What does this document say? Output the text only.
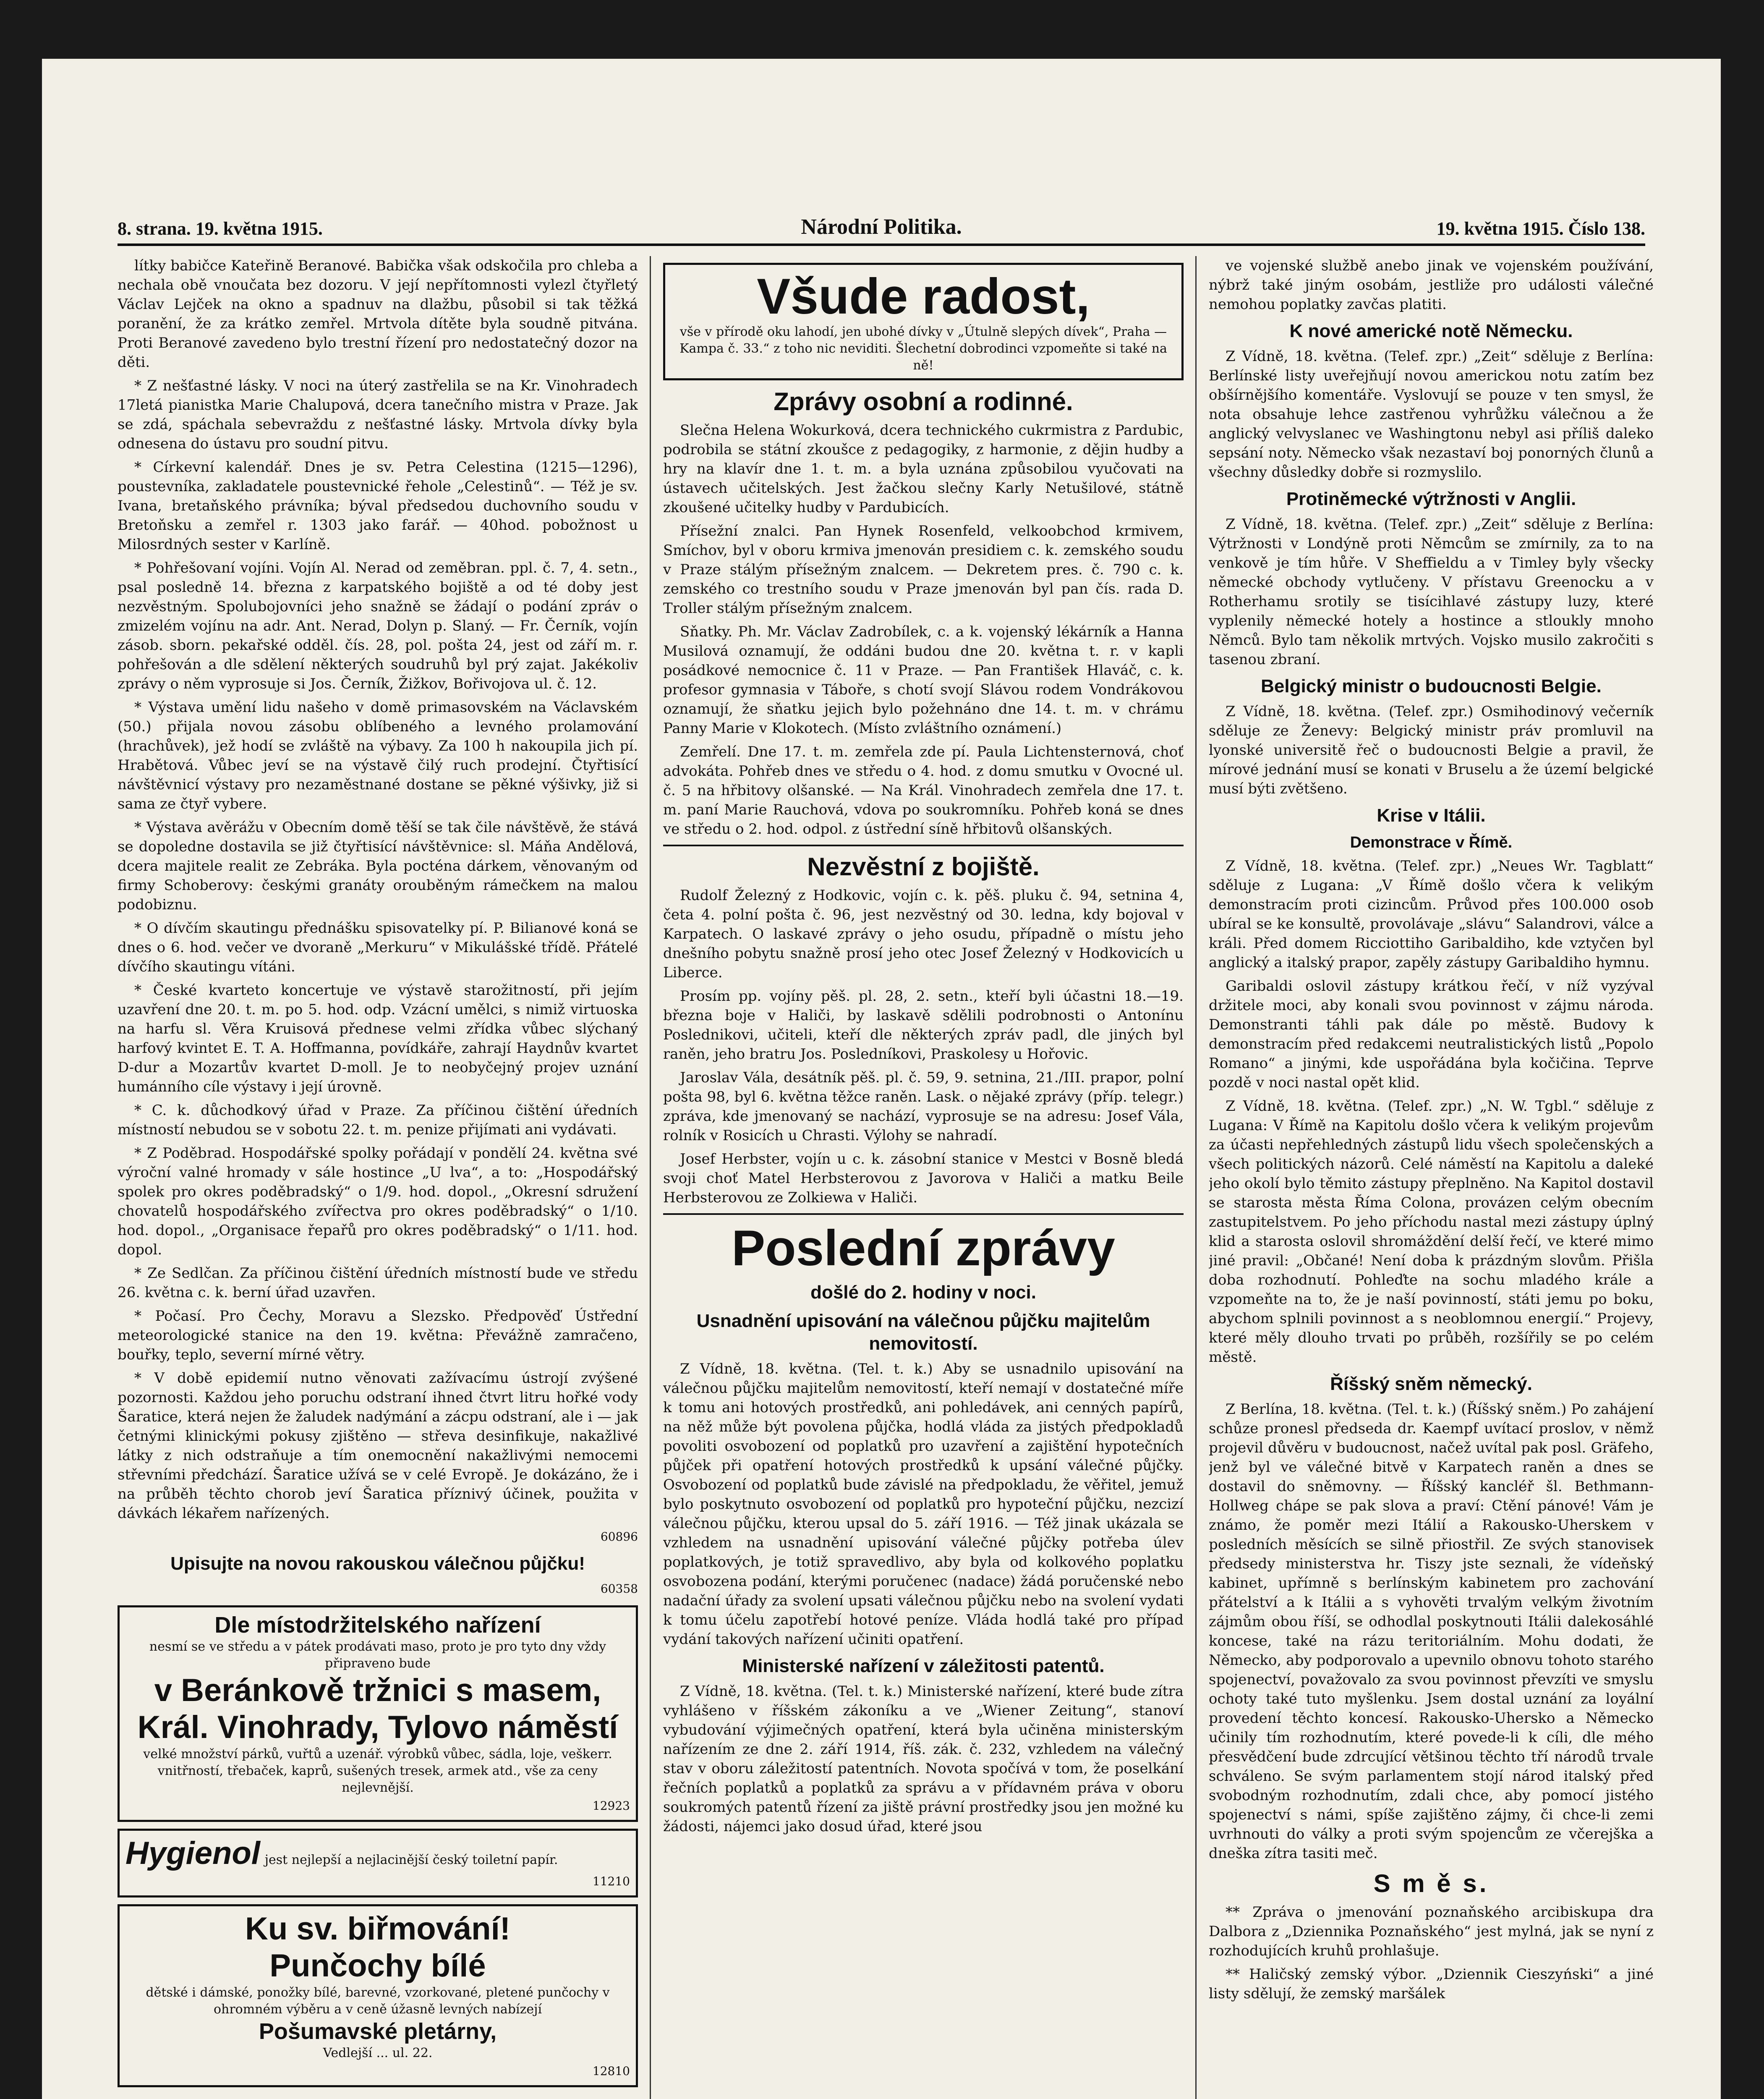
8. strana. 19. května 1915.	Národní Politika.	19. května 1915. Číslo 138.

lítky babičce Kateřině Beranové. Babička však odskočila pro chleba a nechala obě vnoučata bez dozoru. V její nepřítomnosti vylezl čtyřletý Václav Lejček na okno a spadnuv na dlažbu, působil si tak těžká poranění, že za krátko zemřel. Mrtvola dítěte byla soudně pitvána. Proti Beranové zavedeno bylo trestní řízení pro nedostatečný dozor na děti.

* Z nešťastné lásky. V noci na úterý zastřelila se na Kr. Vinohradech 17letá pianistka Marie Chalupová, dcera tanečního mistra v Praze. Jak se zdá, spáchala sebevraždu z nešťastné lásky. Mrtvola dívky byla odnesena do ústavu pro soudní pitvu.

* Církevní kalendář. Dnes je sv. Petra Celestina (1215—1296), poustevníka, zakladatele poustevnické řehole „Celestinů“. — Též je sv. Ivana, bretaňského právníka; býval předsedou duchovního soudu v Bretoňsku a zemřel r. 1303 jako farář. — 40hod. pobožnost u Milosrdných sester v Karlíně.

* Pohřešovaní vojíni. Vojín Al. Nerad od zeměbran. ppl. č. 7, 4. setn., psal posledně 14. března z karpatského bojiště a od té doby jest nezvěstným. Spolubojovníci jeho snažně se žádají o podání zpráv o zmizelém vojínu na adr. Ant. Nerad, Dolyn p. Slaný. — Fr. Černík, vojín zásob. sborn. pekařské odděl. čís. 28, pol. pošta 24, jest od září m. r. pohřešován a dle sdělení některých soudruhů byl prý zajat. Jakékoliv zprávy o něm vyprosuje si Jos. Černík, Žižkov, Bořivojova ul. č. 12.

* Výstava umění lidu našeho v domě primasovském na Václavském (50.) přijala novou zásobu oblíbeného a levného prolamování (hrachůvek), jež hodí se zvláště na výbavy. Za 100 h nakoupila jich pí. Hrabětová. Vůbec jeví se na výstavě čilý ruch prodejní. Čtyřtisící návštěvnicí výstavy pro nezaměstnané dostane se pěkné výšivky, již si sama ze čtyř vybere.

* Výstava avěrážu v Obecním domě těší se tak čile návštěvě, že stává se dopoledne dostavila se již čtyřtisící návštěvnice: sl. Máňa Andělová, dcera majitele realit ze Zebráka. Byla pocténa dárkem, věnovaným od firmy Schoberovy: českými granáty orouběným rámečkem na malou podobiznu.

* O dívčím skautingu přednášku spisovatelky pí. P. Bilianové koná se dnes o 6. hod. večer ve dvoraně „Merkuru“ v Mikulášské třídě. Přátelé dívčího skautingu vítáni.

* České kvarteto koncertuje ve výstavě starožitností, při jejím uzavření dne 20. t. m. po 5. hod. odp. Vzácní umělci, s nimiž virtuoska na harfu sl. Věra Kruisová přednese velmi zřídka vůbec slýchaný harfový kvintet E. T. A. Hoffmanna, povídkáře, zahrají Haydnův kvartet D-dur a Mozartův kvartet D-moll. Je to neobyčejný projev uznání humánního cíle výstavy i její úrovně.

* C. k. důchodkový úřad v Praze. Za příčinou čištění úředních místností nebudou se v sobotu 22. t. m. penize přijímati ani vydávati.

* Z Poděbrad. Hospodářské spolky pořádají v pondělí 24. května své výroční valné hromady v sále hostince „U lva“, a to: „Hospodářský spolek pro okres poděbradský“ o 1/9. hod. dopol., „Okresní sdružení chovatelů hospodářského zvířectva pro okres poděbradský“ o 1/10. hod. dopol., „Organisace řepařů pro okres poděbradský“ o 1/11. hod. dopol.

* Ze Sedlčan. Za příčinou čištění úředních místností bude ve středu 26. května c. k. berní úřad uzavřen.

* Počasí. Pro Čechy, Moravu a Slezsko. Předpověď Ústřední meteorologické stanice na den 19. května: Převážně zamračeno, bouřky, teplo, severní mírné větry.

* V době epidemií nutno věnovati zažívacímu ústrojí zvýšené pozornosti. Každou jeho poruchu odstraní ihned čtvrt litru hořké vody Šaratice, která nejen že žaludek nadýmání a zácpu odstraní, ale i — jak četnými klinickými pokusy zjištěno — střeva desinfikuje, nakažlivé látky z nich odstraňuje a tím onemocnění nakažlivými nemocemi střevními předchází. Šaratice užívá se v celé Evropě. Je dokázáno, že i na průběh těchto chorob jeví Šaratica příznivý účinek, použita v dávkách lékařem nařízených.

60896
Upisujte na novou rakouskou válečnou půjčku!
60358
Dle místodržitelského nařízení
nesmí se ve středu a v pátek prodávati maso, proto je pro tyto dny vždy připraveno bude
v Beránkově tržnici s masem,
Král. Vinohrady, Tylovo náměstí
velké množství párků, vuřtů a uzenář. výrobků vůbec, sádla, loje, veškerr. vnitřností, třebaček, kaprů, sušených tresek, armek atd., vše za ceny nejlevnější.
12923
Hygienol jest nejlepší a nejlacinější český toiletní papír.
11210
Ku sv. biřmování!
Punčochy bílé
dětské i dámské, ponožky bílé, barevné, vzorkované, pletené punčochy v ohromném výběru a v ceně úžasně levných nabízejí
Pošumavské pletárny,
Vedlejší ... ul. 22.
12810
Všude radost,
vše v přírodě oku lahodí, jen ubohé dívky v „Útulně slepých dívek“, Praha — Kampa č. 33.“ z toho nic neviditi. Šlechetní dobrodinci vzpomeňte si také na ně!
Zprávy osobní a rodinné.

Slečna Helena Wokurková, dcera technického cukrmistra z Pardubic, podrobila se státní zkoušce z pedagogiky, z harmonie, z dějin hudby a hry na klavír dne 1. t. m. a byla uznána způsobilou vyučovati na ústavech učitelských. Jest žačkou slečny Karly Netušilové, státně zkoušené učitelky hudby v Pardubicích.

Přísežní znalci. Pan Hynek Rosenfeld, velkoobchod krmivem, Smíchov, byl v oboru krmiva jmenován presidiem c. k. zemského soudu v Praze stálým přísežným znalcem. — Dekretem pres. č. 790 c. k. zemského co trestního soudu v Praze jmenován byl pan čís. rada D. Troller stálým přísežným znalcem.

Sňatky. Ph. Mr. Václav Zadrobílek, c. a k. vojenský lékárník a Hanna Musilová oznamují, že oddáni budou dne 20. května t. r. v kapli posádkové nemocnice č. 11 v Praze. — Pan František Hlaváč, c. k. profesor gymnasia v Táboře, s chotí svojí Slávou rodem Vondrákovou oznamují, že sňatku jejich bylo požehnáno dne 14. t. m. v chrámu Panny Marie v Klokotech. (Místo zvláštního oznámení.)

Zemřelí. Dne 17. t. m. zemřela zde pí. Paula Lichtensternová, choť advokáta. Pohřeb dnes ve středu o 4. hod. z domu smutku v Ovocné ul. č. 5 na hřbitovy olšanské. — Na Král. Vinohradech zemřela dne 17. t. m. paní Marie Rauchová, vdova po soukromníku. Pohřeb koná se dnes ve středu o 2. hod. odpol. z ústřední síně hřbitovů olšanských.

Nezvěstní z bojiště.

Rudolf Železný z Hodkovic, vojín c. k. pěš. pluku č. 94, setnina 4, četa 4. polní pošta č. 96, jest nezvěstný od 30. ledna, kdy bojoval v Karpatech. O laskavé zprávy o jeho osudu, případně o místu jeho dnešního pobytu snažně prosí jeho otec Josef Železný v Hodkovicích u Liberce.

Prosím pp. vojíny pěš. pl. 28, 2. setn., kteří byli účastni 18.—19. března boje v Haliči, by laskavě sdělili podrobnosti o Antonínu Poslednikovi, učiteli, kteří dle některých zpráv padl, dle jiných byl raněn, jeho bratru Jos. Posledníkovi, Praskolesy u Hořovic.

Jaroslav Vála, desátník pěš. pl. č. 59, 9. setnina, 21./III. prapor, polní pošta 98, byl 6. května těžce raněn. Lask. o nějaké zprávy (příp. telegr.) zpráva, kde jmenovaný se nachází, vyprosuje se na adresu: Josef Vála, rolník v Rosicích u Chrasti. Výlohy se nahradí.

Josef Herbster, vojín u c. k. zásobní stanice v Mestci v Bosně bledá svoji choť Matel Herbsterovou z Javorova v Haliči a matku Beile Herbsterovou ze Zolkiewa v Haliči.

Poslední zprávy
došlé do 2. hodiny v noci.
Usnadnění upisování na válečnou půjčku majitelům nemovitostí.

Z Vídně, 18. května. (Tel. t. k.) Aby se usnadnilo upisování na válečnou půjčku majitelům nemovitostí, kteří nemají v dostatečné míře k tomu ani hotových prostředků, ani pohledávek, ani cenných papírů, na něž může být povolena půjčka, hodlá vláda za jistých předpokladů povoliti osvobození od poplatků pro uzavření a zajištění hypotečních půjček při opatření hotových prostředků k upsání válečné půjčky. Osvobození od poplatků bude závislé na předpokladu, že věřitel, jemuž bylo poskytnuto osvobození od poplatků pro hypoteční půjčku, nezcizí válečnou půjčku, kterou upsal do 5. září 1916. — Též jinak ukázala se vzhledem na usnadnění upisování válečné půjčky potřeba úlev poplatkových, je totiž spravedlivo, aby byla od kolkového poplatku osvobozena podání, kterými poručenec (nadace) žádá poručenské nebo nadační úřady za svolení upsati válečnou půjčku nebo na svolení vydati k tomu účelu zapotřebí hotové peníze. Vláda hodlá také pro případ vydání takových nařízení učiniti opatření.

Ministerské nařízení v záležitosti patentů.

Z Vídně, 18. května. (Tel. t. k.) Ministerské nařízení, které bude zítra vyhlášeno v říšském zákoníku a ve „Wiener Zeitung“, stanoví vybudování výjimečných opatření, která byla učiněna ministerským nařízením ze dne 2. září 1914, říš. zák. č. 232, vzhledem na válečný stav v oboru záležitostí patentních. Novota spočívá v tom, že poselkání řečních poplatků a poplatků za správu a v přídavném práva v oboru soukromých patentů řízení za jiště právní prostředky jsou jen možné ku žádosti, nájemci jako dosud úřad, které jsou

ve vojenské službě anebo jinak ve vojenském používání, nýbrž také jiným osobám, jestliže pro události válečné nemohou poplatky zavčas platiti.

K nové americké notě Německu.

Z Vídně, 18. května. (Telef. zpr.) „Zeit“ sděluje z Berlína: Berlínské listy uveřejňují novou americkou notu zatím bez obšírnějšího komentáře. Vyslovují se pouze v ten smysl, že nota obsahuje lehce zastřenou vyhrůžku válečnou a že anglický velvyslanec ve Washingtonu nebyl asi příliš daleko sepsání noty. Německo však nezastaví boj ponorných člunů a všechny důsledky dobře si rozmyslilo.

Protiněmecké výtržnosti v Anglii.

Z Vídně, 18. května. (Telef. zpr.) „Zeit“ sděluje z Berlína: Výtržnosti v Londýně proti Němcům se zmírnily, za to na venkově je tím hůře. V Sheffieldu a v Timley byly všecky německé obchody vytlučeny. V přístavu Greenocku a v Rotherhamu srotily se tisícihlavé zástupy luzy, které vyplenily německé hotely a hostince a stloukly mnoho Němců. Bylo tam několik mrtvých. Vojsko musilo zakročiti s tasenou zbraní.

Belgický ministr o budoucnosti Belgie.

Z Vídně, 18. května. (Telef. zpr.) Osmihodinový večerník sděluje ze Ženevy: Belgický ministr práv promluvil na lyonské universitě řeč o budoucnosti Belgie a pravil, že mírové jednání musí se konati v Bruselu a že území belgické musí býti zvětšeno.

Krise v Itálii.
Demonstrace v Římě.

Z Vídně, 18. května. (Telef. zpr.) „Neues Wr. Tagblatt“ sděluje z Lugana: „V Římě došlo včera k velikým demonstracím proti cizincům. Průvod přes 100.000 osob ubíral se ke konsultě, provolávaje „slávu“ Salandrovi, válce a králi. Před domem Ricciottiho Garibaldiho, kde vztyčen byl anglický a italský prapor, zapěly zástupy Garibaldiho hymnu.

Garibaldi oslovil zástupy krátkou řečí, v níž vyzýval držitele moci, aby konali svou povinnost v zájmu národa. Demonstranti táhli pak dále po městě. Budovy k demonstracím před redakcemi neutralistických listů „Popolo Romano“ a jinými, kde uspořádána byla kočičina. Teprve pozdě v noci nastal opět klid.

Z Vídně, 18. května. (Telef. zpr.) „N. W. Tgbl.“ sděluje z Lugana: V Římě na Kapitolu došlo včera k velikým projevům za účasti nepřehledných zástupů lidu všech společenských a všech politických názorů. Celé náměstí na Kapitolu a daleké jeho okolí bylo těmito zástupy přeplněno. Na Kapitol dostavil se starosta města Říma Colona, provázen celým obecním zastupitelstvem. Po jeho příchodu nastal mezi zástupy úplný klid a starosta oslovil shromáždění delší řečí, ve které mimo jiné pravil: „Občané! Není doba k prázdným slovům. Přišla doba rozhodnutí. Pohleďte na sochu mladého krále a vzpomeňte na to, že je naší povinností, státi jemu po boku, abychom splnili povinnost a s neoblomnou energií.“ Projevy, které měly dlouho trvati po průběh, rozšířily se po celém městě.

Říšský sněm německý.

Z Berlína, 18. května. (Tel. t. k.) (Říšský sněm.) Po zahájení schůze pronesl předseda dr. Kaempf uvítací proslov, v němž projevil důvěru v budoucnost, načež uvítal pak posl. Gräfeho, jenž byl ve válečné bitvě v Karpatech raněn a dnes se dostavil do sněmovny. — Říšský kancléř šl. Bethmann-Hollweg chápe se pak slova a praví: Ctění pánové! Vám je známo, že poměr mezi Itálií a Rakousko-Uherskem v posledních měsících se silně přiostřil. Ze svých stanovisek předsedy ministerstva hr. Tiszy jste seznali, že vídeňský kabinet, upřímně s berlínským kabinetem pro zachování přátelství a k Itálii a s vyhověti trvalým velkým životním zájmům obou říší, se odhodlal poskytnouti Itálii dalekosáhlé koncese, také na rázu teritoriálním. Mohu dodati, že Německo, aby podporovalo a upevnilo obnovu tohoto starého spojenectví, považovalo za svou povinnost převzíti ve smyslu ochoty také tuto myšlenku. Jsem dostal uznání za loyální provedení těchto koncesí. Rakousko-Uhersko a Německo učinily tím rozhodnutím, které povede-li k cíli, dle mého přesvědčení bude zdrcující většinou těchto tří národů trvale schváleno. Se svým parlamentem stojí národ italský před svobodným rozhodnutím, zdali chce, aby pomocí jistého spojenectví s námi, spíše zajištěno zájmy, či chce-li zemi uvrhnouti do války a proti svým spojencům ze včerejška a dneška zítra tasiti meč.

S m ě s.

** Zpráva o jmenování poznaňského arcibiskupa dra Dalbora z „Dziennika Poznaňského“ jest mylná, jak se nyní z rozhodujících kruhů prohlašuje.

** Haličský zemský výbor. „Dziennik Cieszyński“ a jiné listy sdělují, že zemský maršálek
